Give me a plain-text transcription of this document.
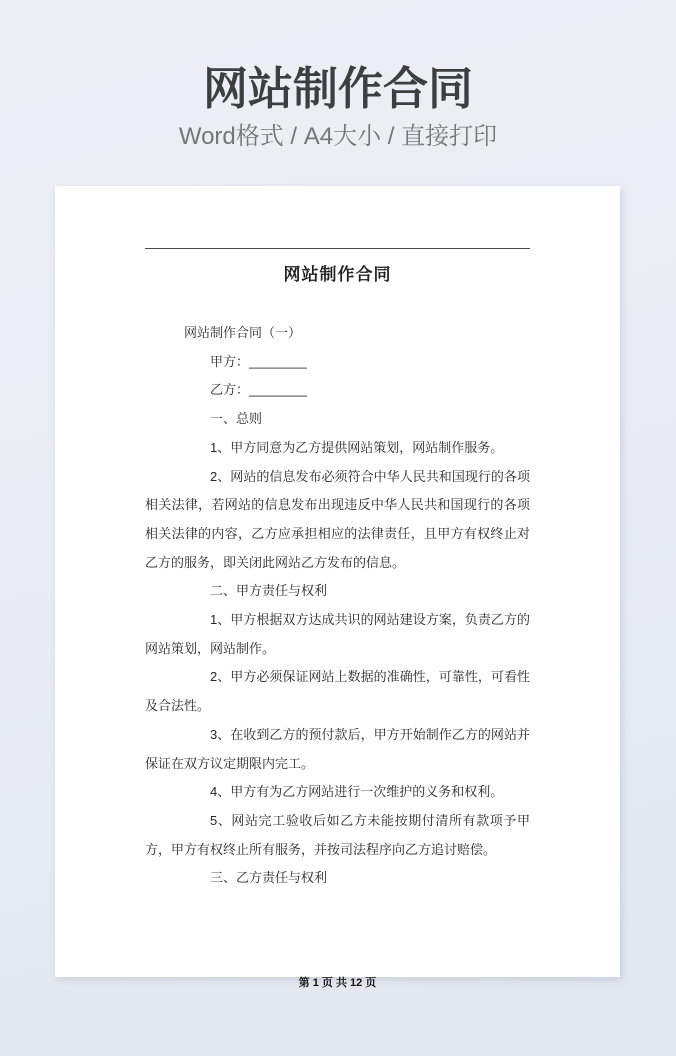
网站制作合同
Word格式 / A4大小 / 直接打印
网站制作合同

网站制作合同（一）

甲方：________

乙方：________

一、总则

1、甲方同意为乙方提供网站策划，网站制作服务。

2、网站的信息发布必须符合中华人民共和国现行的各项相关法律，若网站的信息发布出现违反中华人民共和国现行的各项相关法律的内容，乙方应承担相应的法律责任，且甲方有权终止对乙方的服务，即关闭此网站乙方发布的信息。

二、甲方责任与权利

1、甲方根据双方达成共识的网站建设方案，负责乙方的网站策划，网站制作。

2、甲方必须保证网站上数据的准确性，可靠性，可看性及合法性。

3、在收到乙方的预付款后，甲方开始制作乙方的网站并保证在双方议定期限内完工。

4、甲方有为乙方网站进行一次维护的义务和权利。

5、网站完工验收后如乙方未能按期付清所有款项予甲方，甲方有权终止所有服务，并按司法程序向乙方追讨赔偿。

三、乙方责任与权利

第 1 页 共 12 页
